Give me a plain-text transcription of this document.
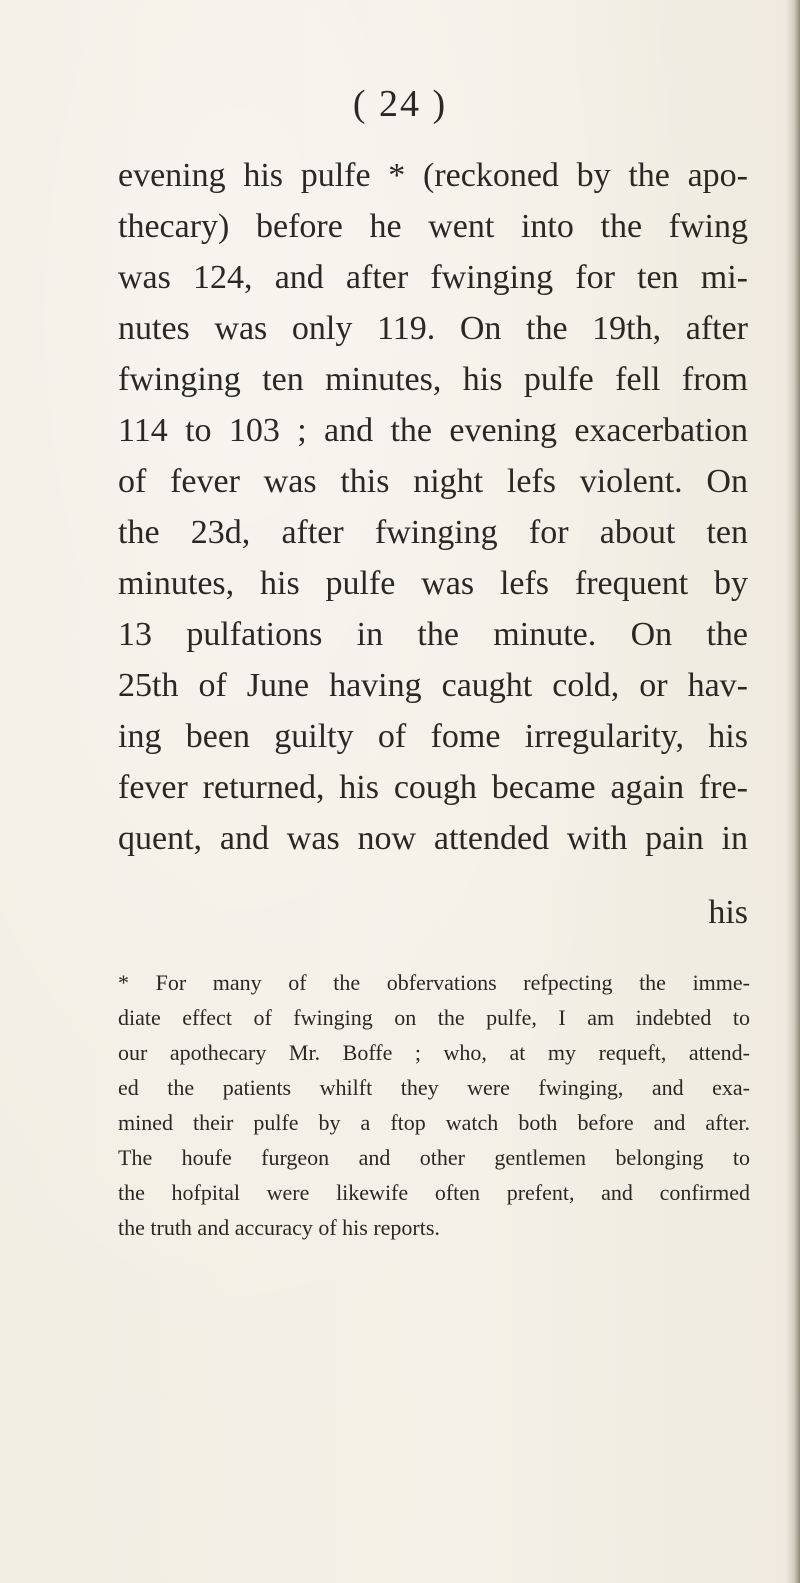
( 24 )
evening his pulfe * (reckoned by the apo-
thecary) before he went into the fwing
was 124, and after fwinging for ten mi-
nutes was only 119. On the 19th, after
fwinging ten minutes, his pulfe fell from
114 to 103 ; and the evening exacerbation
of fever was this night lefs violent. On
the 23d, after fwinging for about ten
minutes, his pulfe was lefs frequent by
13 pulfations in the minute. On the
25th of June having caught cold, or hav-
ing been guilty of fome irregularity, his
fever returned, his cough became again fre-
quent, and was now attended with pain in
his
* For many of the obfervations refpecting the imme-
diate effect of fwinging on the pulfe, I am indebted to
our apothecary Mr. Boffe ; who, at my requeft, attend-
ed the patients whilft they were fwinging, and exa-
mined their pulfe by a ftop watch both before and after.
The houfe furgeon and other gentlemen belonging to
the hofpital were likewife often prefent, and confirmed
the truth and accuracy of his reports.
